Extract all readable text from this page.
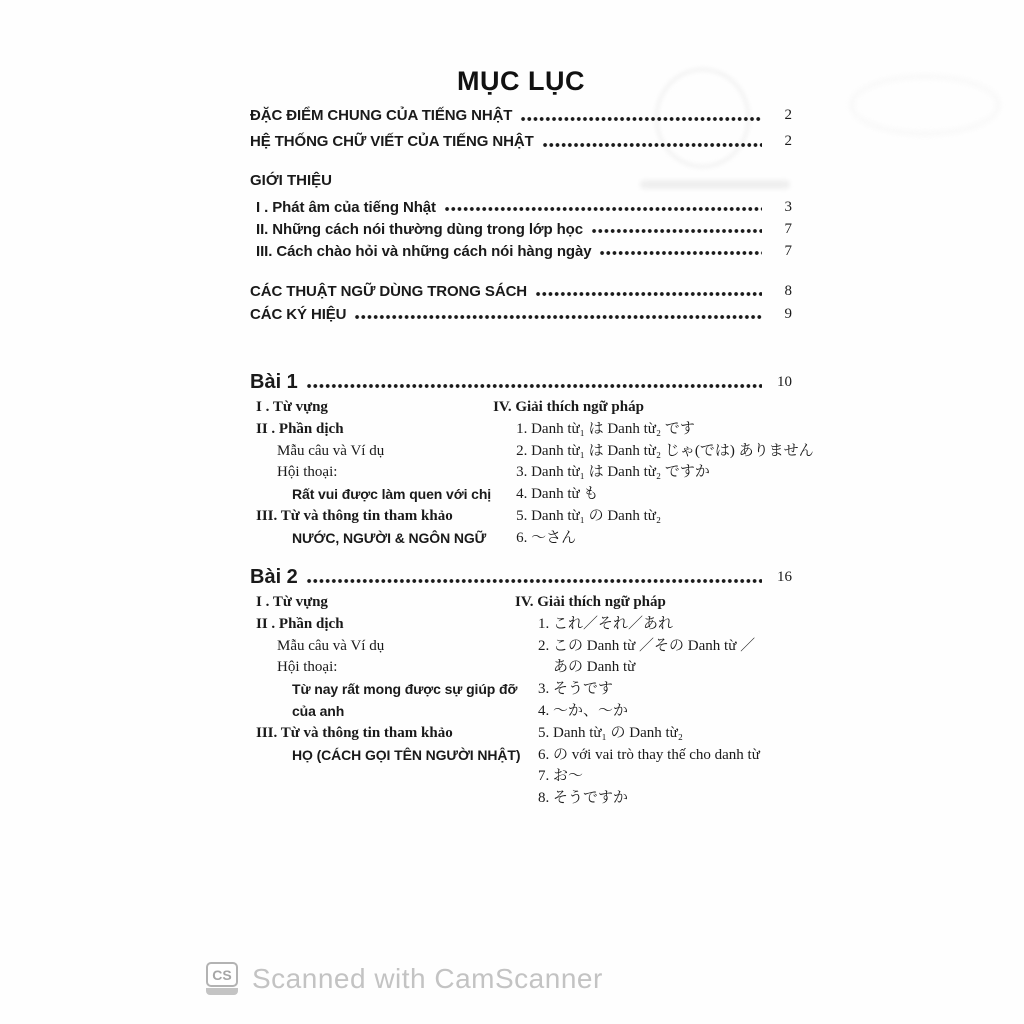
MỤC LỤC
ĐẶC ĐIỂM CHUNG CỦA TIẾNG NHẬT	2
HỆ THỐNG CHỮ VIẾT CỦA TIẾNG NHẬT	2
GIỚI THIỆU
I . Phát âm của tiếng Nhật	3
II. Những cách nói thường dùng trong lớp học	7
III. Cách chào hỏi và những cách nói hàng ngày	7
CÁC THUẬT NGỮ DÙNG TRONG SÁCH	8
CÁC KÝ HIỆU	9
Bài 1	10
I . Từ vựng
II . Phần dịch
Mẫu câu và Ví dụ
Hội thoại:
Rất vui được làm quen với chị
III. Từ và thông tin tham khảo
NƯỚC, NGƯỜI & NGÔN NGỮ
IV. Giải thích ngữ pháp
1. Danh từ₁ は Danh từ₂ です
2. Danh từ₁ は Danh từ₂ じゃ(では) ありません
3. Danh từ₁ は Danh từ₂ ですか
4. Danh từ も
5. Danh từ₁ の Danh từ₂
6. ～さん
Bài 2	16
I . Từ vựng
II . Phần dịch
Mẫu câu và Ví dụ
Hội thoại:
Từ nay rất mong được sự giúp đỡ
của anh
III. Từ và thông tin tham khảo
HỌ (CÁCH GỌI TÊN NGƯỜI NHẬT)
IV. Giải thích ngữ pháp
1. これ／それ／あれ
2. この Danh từ ／その Danh từ ／
あの Danh từ
3. そうです
4. ～か、～か
5. Danh từ₁ の Danh từ₂
6. の với vai trò thay thế cho danh từ
7. お～
8. そうですか
CS Scanned with CamScanner
